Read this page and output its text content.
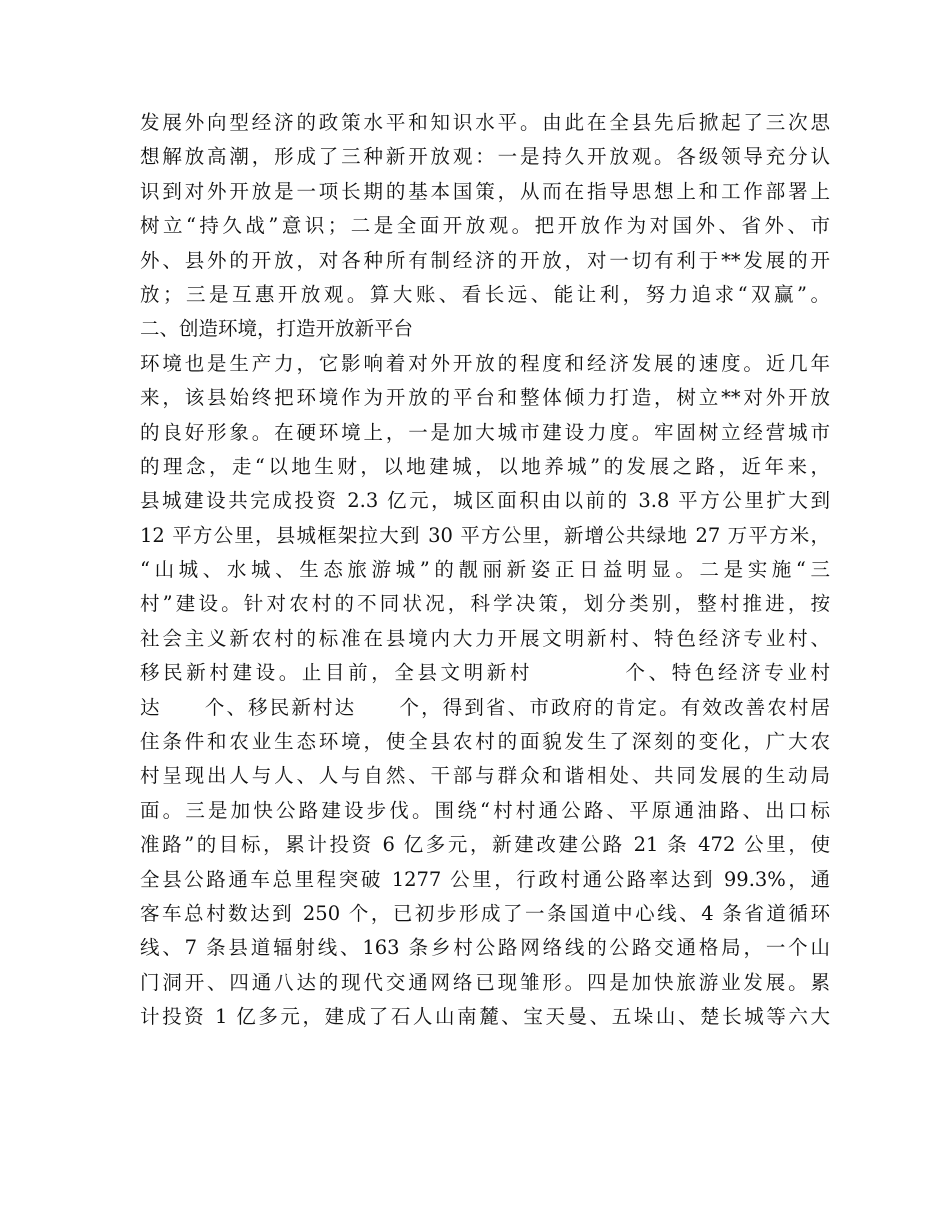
发展外向型经济的政策水平和知识水平。由此在全县先后掀起了三次思
想解放高潮，形成了三种新开放观：一是持久开放观。各级领导充分认
识到对外开放是一项长期的基本国策，从而在指导思想上和工作部署上
树立“持久战”意识；二是全面开放观。把开放作为对国外、省外、市
外、县外的开放，对各种所有制经济的开放，对一切有利于**发展的开
放；三是互惠开放观。算大账、看长远、能让利，努力追求“双赢”。
二、创造环境，打造开放新平台
环境也是生产力，它影响着对外开放的程度和经济发展的速度。近几年
来，该县始终把环境作为开放的平台和整体倾力打造，树立**对外开放
的良好形象。在硬环境上，一是加大城市建设力度。牢固树立经营城市
的理念，走“以地生财，以地建城，以地养城”的发展之路，近年来，
县城建设共完成投资 2.3 亿元，城区面积由以前的 3.8 平方公里扩大到
12 平方公里，县城框架拉大到 30 平方公里，新增公共绿地 27 万平方米，
“山城、水城、生态旅游城”的靓丽新姿正日益明显。二是实施“三
村”建设。针对农村的不同状况，科学决策，划分类别，整村推进，按
社会主义新农村的标准在县境内大力开展文明新村、特色经济专业村、
移民新村建设。止目前，全县文明新村　　　　个、特色经济专业村
达　　个、移民新村达　　个，得到省、市政府的肯定。有效改善农村居
住条件和农业生态环境，使全县农村的面貌发生了深刻的变化，广大农
村呈现出人与人、人与自然、干部与群众和谐相处、共同发展的生动局
面。三是加快公路建设步伐。围绕“村村通公路、平原通油路、出口标
准路”的目标，累计投资 6 亿多元，新建改建公路 21 条 472 公里，使
全县公路通车总里程突破 1277 公里，行政村通公路率达到 99.3%，通
客车总村数达到 250 个，已初步形成了一条国道中心线、4 条省道循环
线、7 条县道辐射线、163 条乡村公路网络线的公路交通格局，一个山
门洞开、四通八达的现代交通网络已现雏形。四是加快旅游业发展。累
计投资 1 亿多元，建成了石人山南麓、宝天曼、五垛山、楚长城等六大
